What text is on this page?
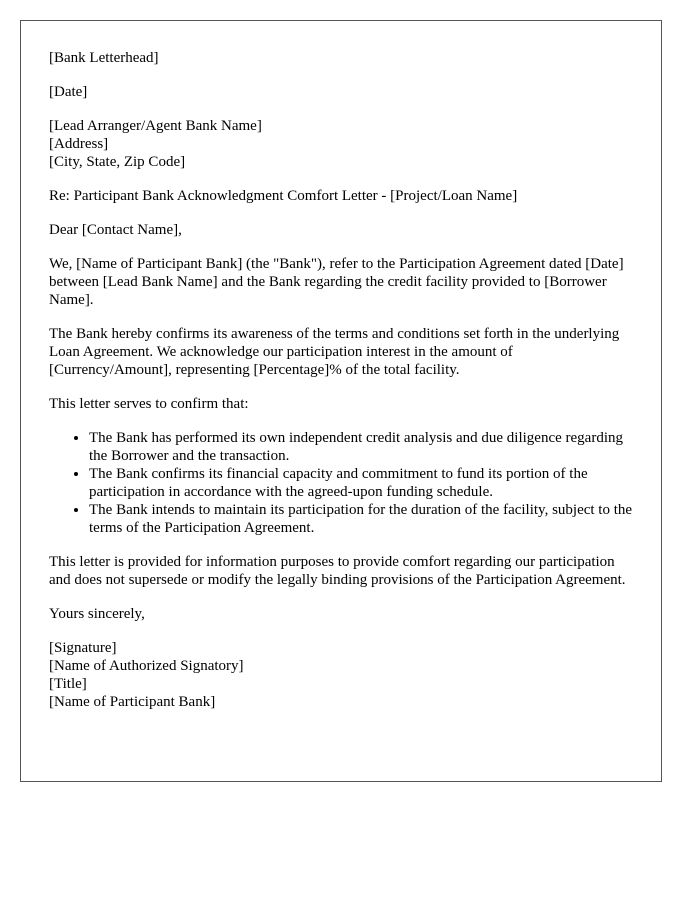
[Bank Letterhead]

[Date]

[Lead Arranger/Agent Bank Name]
[Address]
[City, State, Zip Code]

Re: Participant Bank Acknowledgment Comfort Letter - [Project/Loan Name]

Dear [Contact Name],

We, [Name of Participant Bank] (the "Bank"), refer to the Participation Agreement dated [Date] between [Lead Bank Name] and the Bank regarding the credit facility provided to [Borrower Name].

The Bank hereby confirms its awareness of the terms and conditions set forth in the underlying Loan Agreement. We acknowledge our participation interest in the amount of [Currency/Amount], representing [Percentage]% of the total facility.

This letter serves to confirm that:

• The Bank has performed its own independent credit analysis and due diligence regarding the Borrower and the transaction.
• The Bank confirms its financial capacity and commitment to fund its portion of the participation in accordance with the agreed-upon funding schedule.
• The Bank intends to maintain its participation for the duration of the facility, subject to the terms of the Participation Agreement.

This letter is provided for information purposes to provide comfort regarding our participation and does not supersede or modify the legally binding provisions of the Participation Agreement.

Yours sincerely,

[Signature]
[Name of Authorized Signatory]
[Title]
[Name of Participant Bank]
